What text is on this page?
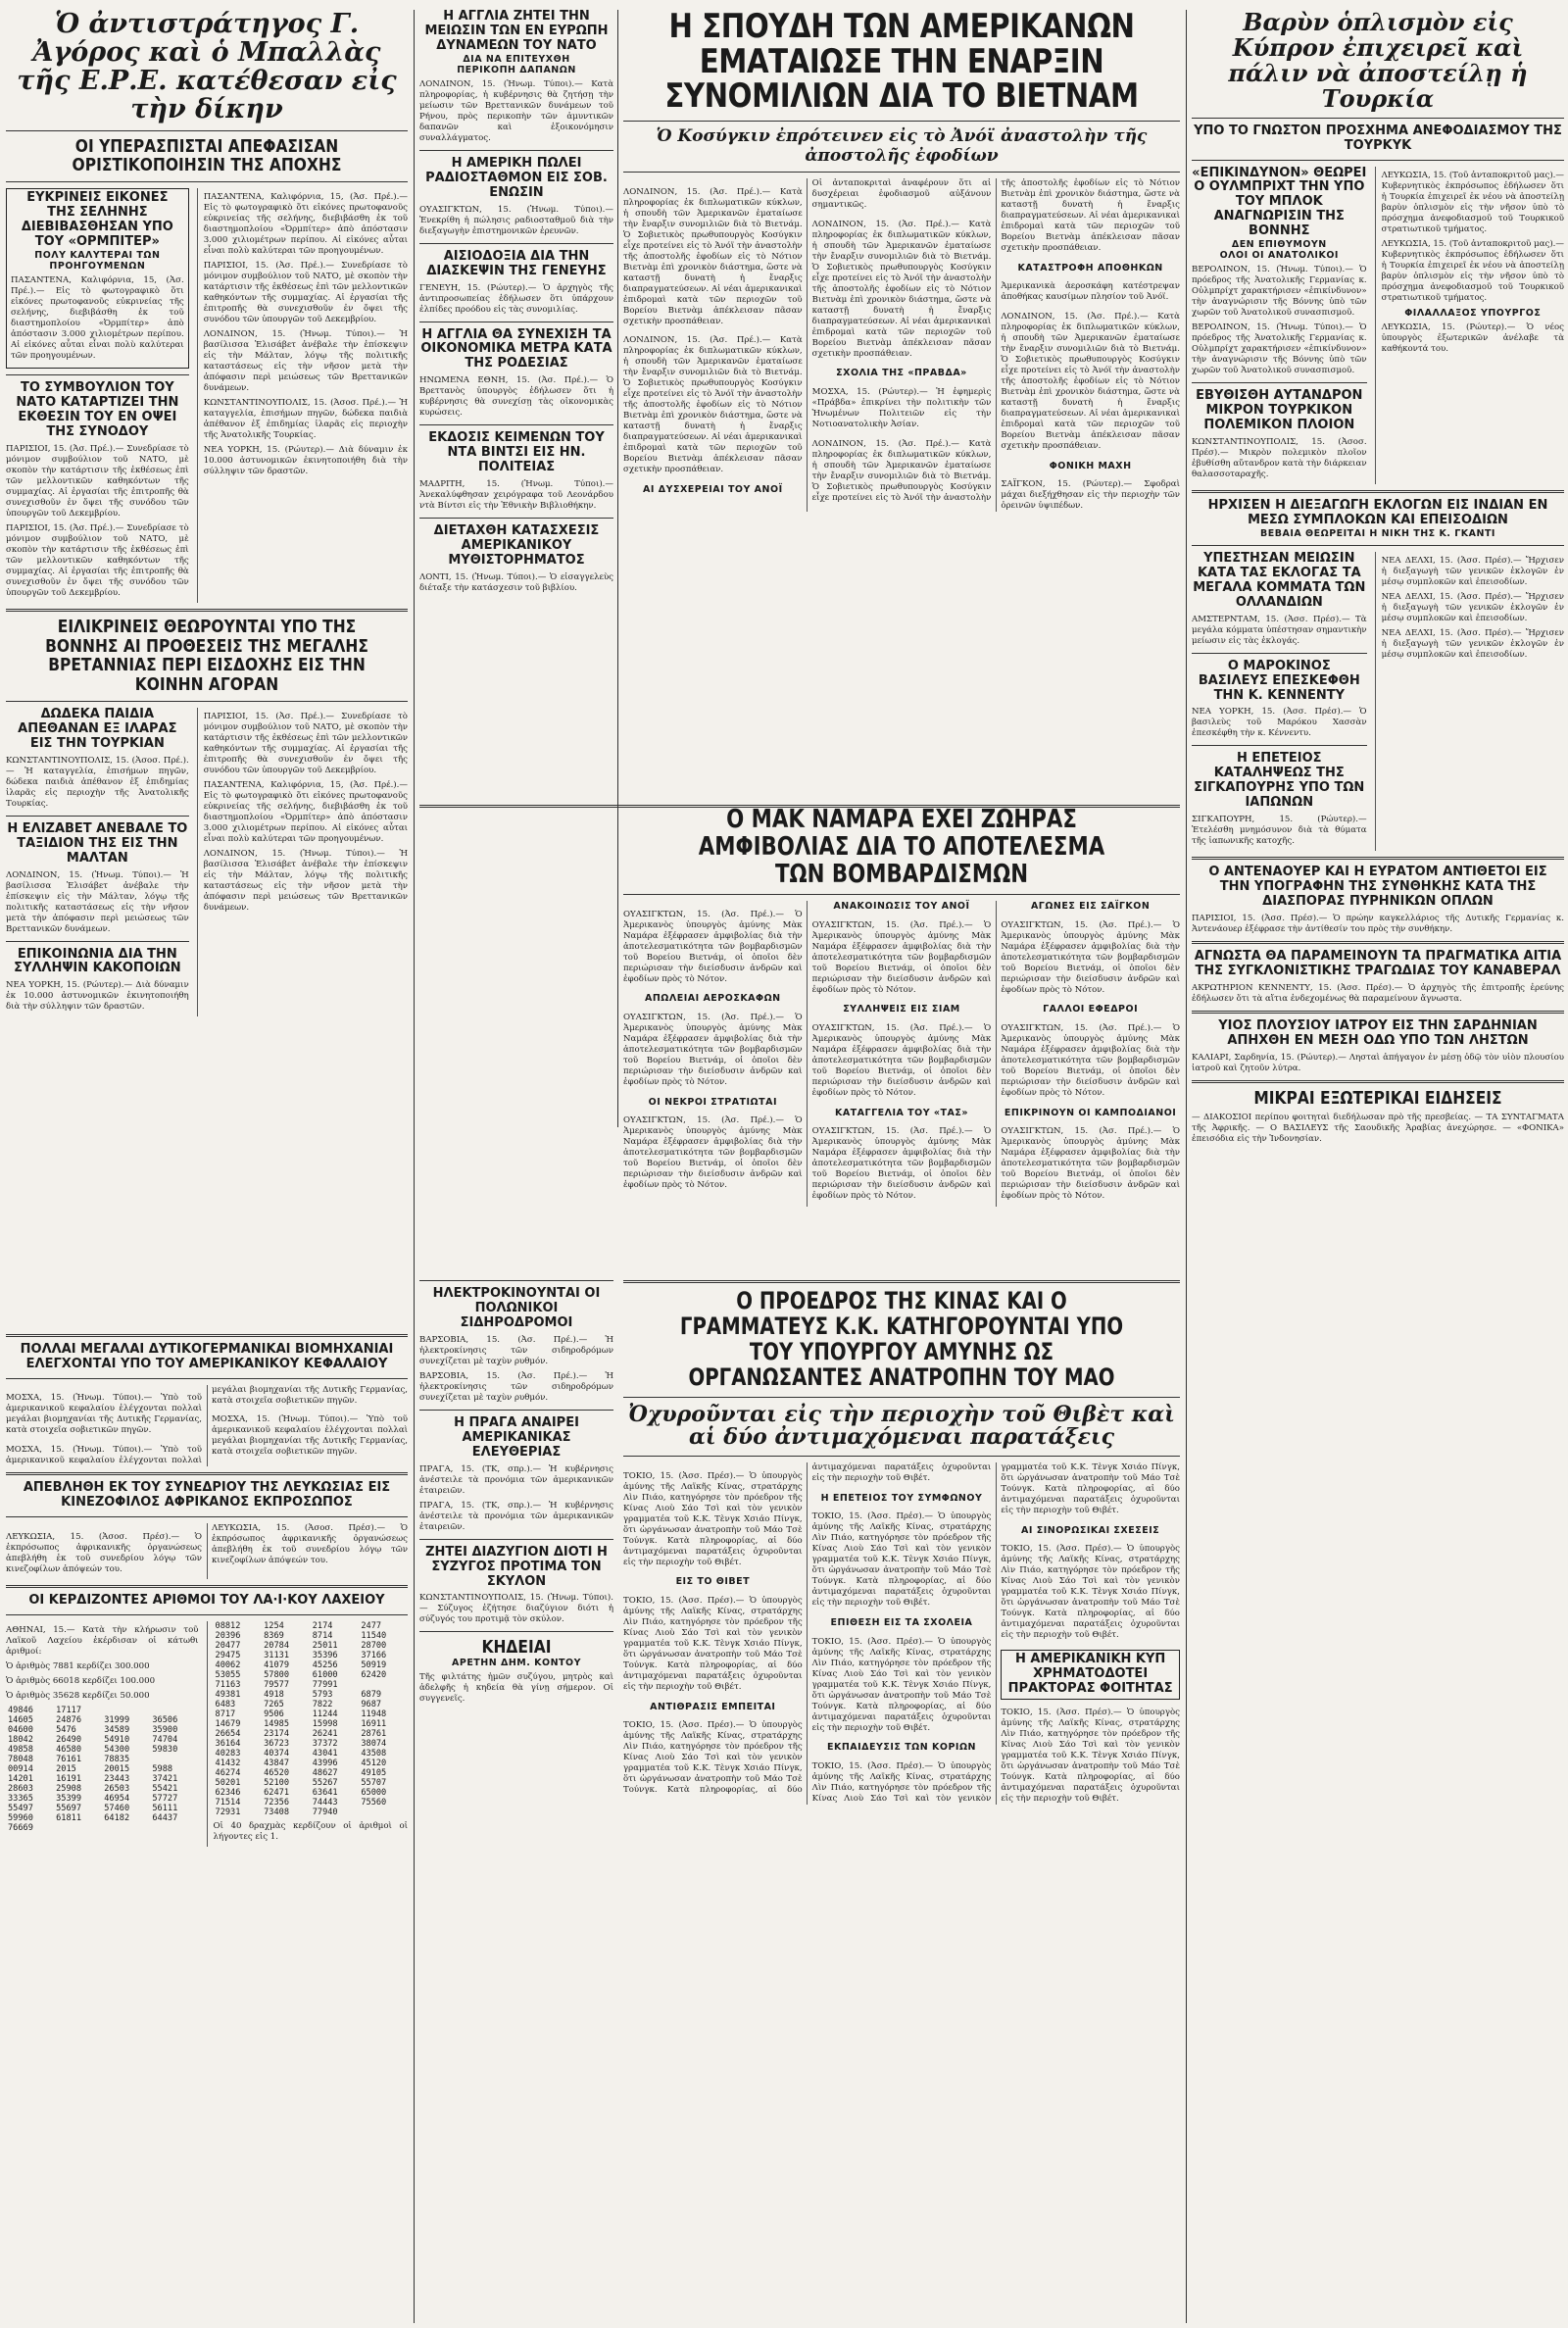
Ὁ ἀντιστράτηγος Γ. Ἀγόρος καὶ ὁ Μπαλλὰς τῆς Ε.Ρ.Ε. κατέθεσαν εἰς τὴν δίκην
ΟΙ ΥΠΕΡΑΣΠΙΣΤΑΙ ΑΠΕΦΑΣΙΣΑΝ ΟΡΙΣΤΙΚΟΠΟΙΗΣΙΝ ΤΗΣ ΑΠΟΧΗΣ
ΕΥΚΡΙΝΕΙΣ ΕΙΚΟΝΕΣ ΤΗΣ ΣΕΛΗΝΗΣ ΔΙΕΒΙΒΑΣΘΗΣΑΝ ΥΠΟ ΤΟΥ «ΟΡΜΠΙΤΕΡ»
ΠΟΛΥ ΚΑΛΥΤΕΡΑΙ ΤΩΝ ΠΡΟΗΓΟΥΜΕΝΩΝ

ΠΑΣΑΝΤΕΝΑ, Καλιφόρνια, 15, (Ἀσ. Πρέ.).— Εἰς τὸ φωτογραφικὸ ὅτι εἰκόνες πρωτοφανοῦς εὐκρινείας τῆς σελήνης, διεβιβάσθη ἐκ τοῦ διαστημοπλοίου «Ὀρμπίτερ» ἀπὸ ἀπόστασιν 3.000 χιλιομέτρων περίπου. Αἱ εἰκόνες αὗται εἶναι πολὺ καλύτεραι τῶν προηγουμένων.

ΤΟ ΣΥΜΒΟΥΛΙΟΝ ΤΟΥ ΝΑΤΟ ΚΑΤΑΡΤΙΖΕΙ ΤΗΝ ΕΚΘΕΣΙΝ ΤΟΥ ΕΝ ΟΨΕΙ ΤΗΣ ΣΥΝΟΔΟΥ

ΠΑΡΙΣΙΟΙ, 15. (Ἀσ. Πρέ.).— Συνεδρίασε τὸ μόνιμον συμβούλιον τοῦ ΝΑΤΟ, μὲ σκοπὸν τὴν κατάρτισιν τῆς ἐκθέσεως ἐπὶ τῶν μελλοντικῶν καθηκόντων τῆς συμμαχίας. Αἱ ἐργασίαι τῆς ἐπιτροπῆς θὰ συνεχισθοῦν ἐν ὄψει τῆς συνόδου τῶν ὑπουργῶν τοῦ Δεκεμβρίου.

ΠΑΡΙΣΙΟΙ, 15. (Ἀσ. Πρέ.).— Συνεδρίασε τὸ μόνιμον συμβούλιον τοῦ ΝΑΤΟ, μὲ σκοπὸν τὴν κατάρτισιν τῆς ἐκθέσεως ἐπὶ τῶν μελλοντικῶν καθηκόντων τῆς συμμαχίας. Αἱ ἐργασίαι τῆς ἐπιτροπῆς θὰ συνεχισθοῦν ἐν ὄψει τῆς συνόδου τῶν ὑπουργῶν τοῦ Δεκεμβρίου.

ΠΑΣΑΝΤΕΝΑ, Καλιφόρνια, 15, (Ἀσ. Πρέ.).— Εἰς τὸ φωτογραφικὸ ὅτι εἰκόνες πρωτοφανοῦς εὐκρινείας τῆς σελήνης, διεβιβάσθη ἐκ τοῦ διαστημοπλοίου «Ὀρμπίτερ» ἀπὸ ἀπόστασιν 3.000 χιλιομέτρων περίπου. Αἱ εἰκόνες αὗται εἶναι πολὺ καλύτεραι τῶν προηγουμένων.

ΠΑΡΙΣΙΟΙ, 15. (Ἀσ. Πρέ.).— Συνεδρίασε τὸ μόνιμον συμβούλιον τοῦ ΝΑΤΟ, μὲ σκοπὸν τὴν κατάρτισιν τῆς ἐκθέσεως ἐπὶ τῶν μελλοντικῶν καθηκόντων τῆς συμμαχίας. Αἱ ἐργασίαι τῆς ἐπιτροπῆς θὰ συνεχισθοῦν ἐν ὄψει τῆς συνόδου τῶν ὑπουργῶν τοῦ Δεκεμβρίου.

ΛΟΝΔΙΝΟΝ, 15. (Ἠνωμ. Τύποι).— Ἡ βασίλισσα Ἐλισάβετ ἀνέβαλε τὴν ἐπίσκεψιν εἰς τὴν Μάλταν, λόγῳ τῆς πολιτικῆς καταστάσεως εἰς τὴν νῆσον μετὰ τὴν ἀπόφασιν περὶ μειώσεως τῶν Βρεττανικῶν δυνάμεων.

ΚΩΝΣΤΑΝΤΙΝΟΥΠΟΛΙΣ, 15. (Ἀσοσ. Πρέ.).— Ἡ καταγγελία, ἐπισήμων πηγῶν, δώδεκα παιδιὰ ἀπέθανον ἐξ ἐπιδημίας ἱλαρᾶς εἰς περιοχὴν τῆς Ἀνατολικῆς Τουρκίας.

ΝΕΑ ΥΟΡΚΗ, 15. (Ρώυτερ).— Διὰ δύναμιν ἐκ 10.000 ἀστυνομικῶν ἐκινητοποιήθη διὰ τὴν σύλληψιν τῶν δραστῶν.

ΕΙΛΙΚΡΙΝΕΙΣ ΘΕΩΡΟΥΝΤΑΙ ΥΠΟ ΤΗΣ ΒΟΝΝΗΣ ΑΙ ΠΡΟΘΕΣΕΙΣ ΤΗΣ ΜΕΓΑΛΗΣ ΒΡΕΤΑΝΝΙΑΣ ΠΕΡΙ ΕΙΣΔΟΧΗΣ ΕΙΣ ΤΗΝ ΚΟΙΝΗΝ ΑΓΟΡΑΝ
ΔΩΔΕΚΑ ΠΑΙΔΙΑ ΑΠΕΘΑΝΑΝ ΕΞ ΙΛΑΡΑΣ ΕΙΣ ΤΗΝ ΤΟΥΡΚΙΑΝ

ΚΩΝΣΤΑΝΤΙΝΟΥΠΟΛΙΣ, 15. (Ἀσοσ. Πρέ.).— Ἡ καταγγελία, ἐπισήμων πηγῶν, δώδεκα παιδιὰ ἀπέθανον ἐξ ἐπιδημίας ἱλαρᾶς εἰς περιοχὴν τῆς Ἀνατολικῆς Τουρκίας.

Η ΕΛΙΖΑΒΕΤ ΑΝΕΒΑΛΕ ΤΟ ΤΑΞΙΔΙΟΝ ΤΗΣ ΕΙΣ ΤΗΝ ΜΑΛΤΑΝ

ΛΟΝΔΙΝΟΝ, 15. (Ἠνωμ. Τύποι).— Ἡ βασίλισσα Ἐλισάβετ ἀνέβαλε τὴν ἐπίσκεψιν εἰς τὴν Μάλταν, λόγῳ τῆς πολιτικῆς καταστάσεως εἰς τὴν νῆσον μετὰ τὴν ἀπόφασιν περὶ μειώσεως τῶν Βρεττανικῶν δυνάμεων.

ΕΠΙΚΟΙΝΩΝΙΑ ΔΙΑ ΤΗΝ ΣΥΛΛΗΨΙΝ ΚΑΚΟΠΟΙΩΝ

ΝΕΑ ΥΟΡΚΗ, 15. (Ρώυτερ).— Διὰ δύναμιν ἐκ 10.000 ἀστυνομικῶν ἐκινητοποιήθη διὰ τὴν σύλληψιν τῶν δραστῶν.

ΠΑΡΙΣΙΟΙ, 15. (Ἀσ. Πρέ.).— Συνεδρίασε τὸ μόνιμον συμβούλιον τοῦ ΝΑΤΟ, μὲ σκοπὸν τὴν κατάρτισιν τῆς ἐκθέσεως ἐπὶ τῶν μελλοντικῶν καθηκόντων τῆς συμμαχίας. Αἱ ἐργασίαι τῆς ἐπιτροπῆς θὰ συνεχισθοῦν ἐν ὄψει τῆς συνόδου τῶν ὑπουργῶν τοῦ Δεκεμβρίου.

ΠΑΣΑΝΤΕΝΑ, Καλιφόρνια, 15, (Ἀσ. Πρέ.).— Εἰς τὸ φωτογραφικὸ ὅτι εἰκόνες πρωτοφανοῦς εὐκρινείας τῆς σελήνης, διεβιβάσθη ἐκ τοῦ διαστημοπλοίου «Ὀρμπίτερ» ἀπὸ ἀπόστασιν 3.000 χιλιομέτρων περίπου. Αἱ εἰκόνες αὗται εἶναι πολὺ καλύτεραι τῶν προηγουμένων.

ΛΟΝΔΙΝΟΝ, 15. (Ἠνωμ. Τύποι).— Ἡ βασίλισσα Ἐλισάβετ ἀνέβαλε τὴν ἐπίσκεψιν εἰς τὴν Μάλταν, λόγῳ τῆς πολιτικῆς καταστάσεως εἰς τὴν νῆσον μετὰ τὴν ἀπόφασιν περὶ μειώσεως τῶν Βρεττανικῶν δυνάμεων.

Η ΑΓΓΛΙΑ ΖΗΤΕΙ ΤΗΝ ΜΕΙΩΣΙΝ ΤΩΝ ΕΝ ΕΥΡΩΠΗ ΔΥΝΑΜΕΩΝ ΤΟΥ ΝΑΤΟ
ΔΙΑ ΝΑ ΕΠΙΤΕΥΧΘΗ
ΠΕΡΙΚΟΠΗ ΔΑΠΑΝΩΝ

ΛΟΝΔΙΝΟΝ, 15. (Ἠνωμ. Τύποι).— Κατὰ πληροφορίας, ἡ κυβέρνησις θὰ ζητήσῃ τὴν μείωσιν τῶν Βρεττανικῶν δυνάμεων τοῦ Ρήνου, πρὸς περικοπὴν τῶν ἀμυντικῶν δαπανῶν καὶ ἐξοικονόμησιν συναλλάγματος.

Η ΑΜΕΡΙΚΗ ΠΩΛΕΙ ΡΑΔΙΟΣΤΑΘΜΟΝ ΕΙΣ ΣΟΒ. ΕΝΩΣΙΝ

ΟΥΑΣΙΓΚΤΩΝ, 15. (Ἠνωμ. Τύποι).— Ἐνεκρίθη ἡ πώλησις ραδιοσταθμοῦ διὰ τὴν διεξαγωγὴν ἐπιστημονικῶν ἐρευνῶν.

ΑΙΣΙΟΔΟΞΙΑ ΔΙΑ ΤΗΝ ΔΙΑΣΚΕΨΙΝ ΤΗΣ ΓΕΝΕΥΗΣ

ΓΕΝΕΥΗ, 15. (Ρώυτερ).— Ὁ ἀρχηγὸς τῆς ἀντιπροσωπείας ἐδήλωσεν ὅτι ὑπάρχουν ἐλπίδες προόδου εἰς τὰς συνομιλίας.

Η ΑΓΓΛΙΑ ΘΑ ΣΥΝΕΧΙΣΗ ΤΑ ΟΙΚΟΝΟΜΙΚΑ ΜΕΤΡΑ ΚΑΤΑ ΤΗΣ ΡΟΔΕΣΙΑΣ

ΗΝΩΜΕΝΑ ΕΘΝΗ, 15. (Ἀσ. Πρέ.).— Ὁ Βρεττανὸς ὑπουργὸς ἐδήλωσεν ὅτι ἡ κυβέρνησις θὰ συνεχίσῃ τὰς οἰκονομικὰς κυρώσεις.

ΕΚΔΟΣΙΣ ΚΕΙΜΕΝΩΝ ΤΟΥ ΝΤΑ ΒΙΝΤΣΙ ΕΙΣ ΗΝ. ΠΟΛΙΤΕΙΑΣ

ΜΑΔΡΙΤΗ, 15. (Ἠνωμ. Τύποι).— Ἀνεκαλύφθησαν χειρόγραφα τοῦ Λεονάρδου ντὰ Βίντσι εἰς τὴν Ἐθνικὴν Βιβλιοθήκην.

ΔΙΕΤΑΧΘΗ ΚΑΤΑΣΧΕΣΙΣ ΑΜΕΡΙΚΑΝΙΚΟΥ ΜΥΘΙΣΤΟΡΗΜΑΤΟΣ

ΛΟΝΤΙ, 15. (Ἠνωμ. Τύποι).— Ὁ εἰσαγγελεὺς διέταξε τὴν κατάσχεσιν τοῦ βιβλίου.

Η ΣΠΟΥΔΗ ΤΩΝ ΑΜΕΡΙΚΑΝΩΝ ΕΜΑΤΑΙΩΣΕ ΤΗΝ ΕΝΑΡΞΙΝ ΣΥΝΟΜΙΛΙΩΝ ΔΙΑ ΤΟ ΒΙΕΤΝΑΜ
Ὁ Κοσύγκιν ἐπρότεινεν εἰς τὸ Ἀνόϊ ἀναστολὴν τῆς ἀποστολῆς ἐφοδίων

ΛΟΝΔΙΝΟΝ, 15. (Ἀσ. Πρέ.).— Κατὰ πληροφορίας ἐκ διπλωματικῶν κύκλων, ἡ σπουδὴ τῶν Ἀμερικανῶν ἐματαίωσε τὴν ἔναρξιν συνομιλιῶν διὰ τὸ Βιετνάμ. Ὁ Σοβιετικὸς πρωθυπουργὸς Κοσύγκιν εἶχε προτείνει εἰς τὸ Ἀνόϊ τὴν ἀναστολὴν τῆς ἀποστολῆς ἐφοδίων εἰς τὸ Νότιον Βιετνὰμ ἐπὶ χρονικὸν διάστημα, ὥστε νὰ καταστῇ δυνατὴ ἡ ἔναρξις διαπραγματεύσεων. Αἱ νέαι ἀμερικανικαὶ ἐπιδρομαὶ κατὰ τῶν περιοχῶν τοῦ Βορείου Βιετνὰμ ἀπέκλεισαν πᾶσαν σχετικὴν προσπάθειαν.

ΛΟΝΔΙΝΟΝ, 15. (Ἀσ. Πρέ.).— Κατὰ πληροφορίας ἐκ διπλωματικῶν κύκλων, ἡ σπουδὴ τῶν Ἀμερικανῶν ἐματαίωσε τὴν ἔναρξιν συνομιλιῶν διὰ τὸ Βιετνάμ. Ὁ Σοβιετικὸς πρωθυπουργὸς Κοσύγκιν εἶχε προτείνει εἰς τὸ Ἀνόϊ τὴν ἀναστολὴν τῆς ἀποστολῆς ἐφοδίων εἰς τὸ Νότιον Βιετνὰμ ἐπὶ χρονικὸν διάστημα, ὥστε νὰ καταστῇ δυνατὴ ἡ ἔναρξις διαπραγματεύσεων. Αἱ νέαι ἀμερικανικαὶ ἐπιδρομαὶ κατὰ τῶν περιοχῶν τοῦ Βορείου Βιετνὰμ ἀπέκλεισαν πᾶσαν σχετικὴν προσπάθειαν.

ΑΙ ΔΥΣΧΕΡΕΙΑΙ ΤΟΥ ΑΝΟΪ

Οἱ ἀνταποκριταὶ ἀναφέρουν ὅτι αἱ δυσχέρειαι ἐφοδιασμοῦ αὐξάνουν σημαντικῶς.

ΛΟΝΔΙΝΟΝ, 15. (Ἀσ. Πρέ.).— Κατὰ πληροφορίας ἐκ διπλωματικῶν κύκλων, ἡ σπουδὴ τῶν Ἀμερικανῶν ἐματαίωσε τὴν ἔναρξιν συνομιλιῶν διὰ τὸ Βιετνάμ. Ὁ Σοβιετικὸς πρωθυπουργὸς Κοσύγκιν εἶχε προτείνει εἰς τὸ Ἀνόϊ τὴν ἀναστολὴν τῆς ἀποστολῆς ἐφοδίων εἰς τὸ Νότιον Βιετνὰμ ἐπὶ χρονικὸν διάστημα, ὥστε νὰ καταστῇ δυνατὴ ἡ ἔναρξις διαπραγματεύσεων. Αἱ νέαι ἀμερικανικαὶ ἐπιδρομαὶ κατὰ τῶν περιοχῶν τοῦ Βορείου Βιετνὰμ ἀπέκλεισαν πᾶσαν σχετικὴν προσπάθειαν.

ΣΧΟΛΙΑ ΤΗΣ «ΠΡΑΒΔΑ»

ΜΟΣΧΑ, 15. (Ρώυτερ).— Ἡ ἐφημερὶς «Πράβδα» ἐπικρίνει τὴν πολιτικὴν τῶν Ἡνωμένων Πολιτειῶν εἰς τὴν Νοτιοανατολικὴν Ἀσίαν.

ΛΟΝΔΙΝΟΝ, 15. (Ἀσ. Πρέ.).— Κατὰ πληροφορίας ἐκ διπλωματικῶν κύκλων, ἡ σπουδὴ τῶν Ἀμερικανῶν ἐματαίωσε τὴν ἔναρξιν συνομιλιῶν διὰ τὸ Βιετνάμ. Ὁ Σοβιετικὸς πρωθυπουργὸς Κοσύγκιν εἶχε προτείνει εἰς τὸ Ἀνόϊ τὴν ἀναστολὴν τῆς ἀποστολῆς ἐφοδίων εἰς τὸ Νότιον Βιετνὰμ ἐπὶ χρονικὸν διάστημα, ὥστε νὰ καταστῇ δυνατὴ ἡ ἔναρξις διαπραγματεύσεων. Αἱ νέαι ἀμερικανικαὶ ἐπιδρομαὶ κατὰ τῶν περιοχῶν τοῦ Βορείου Βιετνὰμ ἀπέκλεισαν πᾶσαν σχετικὴν προσπάθειαν.

ΚΑΤΑΣΤΡΟΦΗ ΑΠΟΘΗΚΩΝ

Ἀμερικανικὰ ἀεροσκάφη κατέστρεψαν ἀποθήκας καυσίμων πλησίον τοῦ Ἀνόϊ.

ΛΟΝΔΙΝΟΝ, 15. (Ἀσ. Πρέ.).— Κατὰ πληροφορίας ἐκ διπλωματικῶν κύκλων, ἡ σπουδὴ τῶν Ἀμερικανῶν ἐματαίωσε τὴν ἔναρξιν συνομιλιῶν διὰ τὸ Βιετνάμ. Ὁ Σοβιετικὸς πρωθυπουργὸς Κοσύγκιν εἶχε προτείνει εἰς τὸ Ἀνόϊ τὴν ἀναστολὴν τῆς ἀποστολῆς ἐφοδίων εἰς τὸ Νότιον Βιετνὰμ ἐπὶ χρονικὸν διάστημα, ὥστε νὰ καταστῇ δυνατὴ ἡ ἔναρξις διαπραγματεύσεων. Αἱ νέαι ἀμερικανικαὶ ἐπιδρομαὶ κατὰ τῶν περιοχῶν τοῦ Βορείου Βιετνὰμ ἀπέκλεισαν πᾶσαν σχετικὴν προσπάθειαν.

ΦΟΝΙΚΗ ΜΑΧΗ

ΣΑΪΓΚΟΝ, 15. (Ρώυτερ).— Σφοδραὶ μάχαι διεξήχθησαν εἰς τὴν περιοχὴν τῶν ὀρεινῶν ὑψιπέδων.

Ο ΜΑΚ ΝΑΜΑΡΑ ΕΧΕΙ ΖΩΗΡΑΣ ΑΜΦΙΒΟΛΙΑΣ ΔΙΑ ΤΟ ΑΠΟΤΕΛΕΣΜΑ ΤΩΝ ΒΟΜΒΑΡΔΙΣΜΩΝ

ΟΥΑΣΙΓΚΤΩΝ, 15. (Ἀσ. Πρέ.).— Ὁ Ἀμερικανὸς ὑπουργὸς ἀμύνης Μὰκ Ναμάρα ἐξέφρασεν ἀμφιβολίας διὰ τὴν ἀποτελεσματικότητα τῶν βομβαρδισμῶν τοῦ Βορείου Βιετνάμ, οἱ ὁποῖοι δὲν περιώρισαν τὴν διείσδυσιν ἀνδρῶν καὶ ἐφοδίων πρὸς τὸ Νότον.

ΑΠΩΛΕΙΑΙ ΑΕΡΟΣΚΑΦΩΝ

ΟΥΑΣΙΓΚΤΩΝ, 15. (Ἀσ. Πρέ.).— Ὁ Ἀμερικανὸς ὑπουργὸς ἀμύνης Μὰκ Ναμάρα ἐξέφρασεν ἀμφιβολίας διὰ τὴν ἀποτελεσματικότητα τῶν βομβαρδισμῶν τοῦ Βορείου Βιετνάμ, οἱ ὁποῖοι δὲν περιώρισαν τὴν διείσδυσιν ἀνδρῶν καὶ ἐφοδίων πρὸς τὸ Νότον.

ΟΙ ΝΕΚΡΟΙ ΣΤΡΑΤΙΩΤΑΙ

ΟΥΑΣΙΓΚΤΩΝ, 15. (Ἀσ. Πρέ.).— Ὁ Ἀμερικανὸς ὑπουργὸς ἀμύνης Μὰκ Ναμάρα ἐξέφρασεν ἀμφιβολίας διὰ τὴν ἀποτελεσματικότητα τῶν βομβαρδισμῶν τοῦ Βορείου Βιετνάμ, οἱ ὁποῖοι δὲν περιώρισαν τὴν διείσδυσιν ἀνδρῶν καὶ ἐφοδίων πρὸς τὸ Νότον.

ΑΝΑΚΟΙΝΩΣΙΣ ΤΟΥ ΑΝΟΪ

ΟΥΑΣΙΓΚΤΩΝ, 15. (Ἀσ. Πρέ.).— Ὁ Ἀμερικανὸς ὑπουργὸς ἀμύνης Μὰκ Ναμάρα ἐξέφρασεν ἀμφιβολίας διὰ τὴν ἀποτελεσματικότητα τῶν βομβαρδισμῶν τοῦ Βορείου Βιετνάμ, οἱ ὁποῖοι δὲν περιώρισαν τὴν διείσδυσιν ἀνδρῶν καὶ ἐφοδίων πρὸς τὸ Νότον.

ΣΥΛΛΗΨΕΙΣ ΕΙΣ ΣΙΑΜ

ΟΥΑΣΙΓΚΤΩΝ, 15. (Ἀσ. Πρέ.).— Ὁ Ἀμερικανὸς ὑπουργὸς ἀμύνης Μὰκ Ναμάρα ἐξέφρασεν ἀμφιβολίας διὰ τὴν ἀποτελεσματικότητα τῶν βομβαρδισμῶν τοῦ Βορείου Βιετνάμ, οἱ ὁποῖοι δὲν περιώρισαν τὴν διείσδυσιν ἀνδρῶν καὶ ἐφοδίων πρὸς τὸ Νότον.

ΚΑΤΑΓΓΕΛΙΑ ΤΟΥ «ΤΑΣ»

ΟΥΑΣΙΓΚΤΩΝ, 15. (Ἀσ. Πρέ.).— Ὁ Ἀμερικανὸς ὑπουργὸς ἀμύνης Μὰκ Ναμάρα ἐξέφρασεν ἀμφιβολίας διὰ τὴν ἀποτελεσματικότητα τῶν βομβαρδισμῶν τοῦ Βορείου Βιετνάμ, οἱ ὁποῖοι δὲν περιώρισαν τὴν διείσδυσιν ἀνδρῶν καὶ ἐφοδίων πρὸς τὸ Νότον.

ΑΓΩΝΕΣ ΕΙΣ ΣΑΪΓΚΟΝ

ΟΥΑΣΙΓΚΤΩΝ, 15. (Ἀσ. Πρέ.).— Ὁ Ἀμερικανὸς ὑπουργὸς ἀμύνης Μὰκ Ναμάρα ἐξέφρασεν ἀμφιβολίας διὰ τὴν ἀποτελεσματικότητα τῶν βομβαρδισμῶν τοῦ Βορείου Βιετνάμ, οἱ ὁποῖοι δὲν περιώρισαν τὴν διείσδυσιν ἀνδρῶν καὶ ἐφοδίων πρὸς τὸ Νότον.

ΓΑΛΛΟΙ ΕΦΕΔΡΟΙ

ΟΥΑΣΙΓΚΤΩΝ, 15. (Ἀσ. Πρέ.).— Ὁ Ἀμερικανὸς ὑπουργὸς ἀμύνης Μὰκ Ναμάρα ἐξέφρασεν ἀμφιβολίας διὰ τὴν ἀποτελεσματικότητα τῶν βομβαρδισμῶν τοῦ Βορείου Βιετνάμ, οἱ ὁποῖοι δὲν περιώρισαν τὴν διείσδυσιν ἀνδρῶν καὶ ἐφοδίων πρὸς τὸ Νότον.

ΕΠΙΚΡΙΝΟΥΝ ΟΙ ΚΑΜΠΟΔΙΑΝΟΙ

ΟΥΑΣΙΓΚΤΩΝ, 15. (Ἀσ. Πρέ.).— Ὁ Ἀμερικανὸς ὑπουργὸς ἀμύνης Μὰκ Ναμάρα ἐξέφρασεν ἀμφιβολίας διὰ τὴν ἀποτελεσματικότητα τῶν βομβαρδισμῶν τοῦ Βορείου Βιετνάμ, οἱ ὁποῖοι δὲν περιώρισαν τὴν διείσδυσιν ἀνδρῶν καὶ ἐφοδίων πρὸς τὸ Νότον.

ΗΛΕΚΤΡΟΚΙΝΟΥΝΤΑΙ ΟΙ ΠΟΛΩΝΙΚΟΙ ΣΙΔΗΡΟΔΡΟΜΟΙ

ΒΑΡΣΟΒΙΑ, 15. (Ἀσ. Πρέ.).— Ἡ ἠλεκτροκίνησις τῶν σιδηροδρόμων συνεχίζεται μὲ ταχὺν ρυθμόν.

ΒΑΡΣΟΒΙΑ, 15. (Ἀσ. Πρέ.).— Ἡ ἠλεκτροκίνησις τῶν σιδηροδρόμων συνεχίζεται μὲ ταχὺν ρυθμόν.

Η ΠΡΑΓΑ ΑΝΑΙΡΕΙ ΑΜΕΡΙΚΑΝΙΚΑΣ ΕΛΕΥΘΕΡΙΑΣ

ΠΡΑΓΑ, 15. (ΤΚ, σπρ.).— Ἡ κυβέρνησις ἀνέστειλε τὰ προνόμια τῶν ἀμερικανικῶν ἐταιρειῶν.

ΠΡΑΓΑ, 15. (ΤΚ, σπρ.).— Ἡ κυβέρνησις ἀνέστειλε τὰ προνόμια τῶν ἀμερικανικῶν ἐταιρειῶν.

ΖΗΤΕΙ ΔΙΑΖΥΓΙΟΝ ΔΙΟΤΙ Η ΣΥΖΥΓΟΣ ΠΡΟΤΙΜΑ ΤΟΝ ΣΚΥΛΟΝ

ΚΩΝΣΤΑΝΤΙΝΟΥΠΟΛΙΣ, 15. (Ἠνωμ. Τύποι).— Σύζυγος ἐζήτησε διαζύγιον διότι ἡ σύζυγός του προτιμᾷ τὸν σκύλον.

ΚΗΔΕΙΑΙ
ΑΡΕΤΗΝ ΔΗΜ. ΚΟΝΤΟΥ

Τῆς φιλτάτης ἡμῶν συζύγου, μητρὸς καὶ ἀδελφῆς ἡ κηδεία θὰ γίνῃ σήμερον. Οἱ συγγενεῖς.

Ο ΠΡΟΕΔΡΟΣ ΤΗΣ ΚΙΝΑΣ ΚΑΙ Ο ΓΡΑΜΜΑΤΕΥΣ Κ.Κ. ΚΑΤΗΓΟΡΟΥΝΤΑΙ ΥΠΟ ΤΟΥ ΥΠΟΥΡΓΟΥ ΑΜΥΝΗΣ ΩΣ ΟΡΓΑΝΩΣΑΝΤΕΣ ΑΝΑΤΡΟΠΗΝ ΤΟΥ ΜΑΟ
Ὀχυροῦνται εἰς τὴν περιοχὴν τοῦ Θιβὲτ καὶ αἱ δύο ἀντιμαχόμεναι παρατάξεις

ΤΟΚΙΟ, 15. (Ἀσσ. Πρέσ).— Ὁ ὑπουργὸς ἀμύνης τῆς Λαϊκῆς Κίνας, στρατάρχης Λὶν Πιάο, κατηγόρησε τὸν πρόεδρον τῆς Κίνας Λιοὺ Σάο Τσὶ καὶ τὸν γενικὸν γραμματέα τοῦ Κ.Κ. Τὲνγκ Χσιάο Πίνγκ, ὅτι ὠργάνωσαν ἀνατροπὴν τοῦ Μάο Τσὲ Τούνγκ. Κατὰ πληροφορίας, αἱ δύο ἀντιμαχόμεναι παρατάξεις ὀχυροῦνται εἰς τὴν περιοχὴν τοῦ Θιβέτ.

ΕΙΣ ΤΟ ΘΙΒΕΤ

ΤΟΚΙΟ, 15. (Ἀσσ. Πρέσ).— Ὁ ὑπουργὸς ἀμύνης τῆς Λαϊκῆς Κίνας, στρατάρχης Λὶν Πιάο, κατηγόρησε τὸν πρόεδρον τῆς Κίνας Λιοὺ Σάο Τσὶ καὶ τὸν γενικὸν γραμματέα τοῦ Κ.Κ. Τὲνγκ Χσιάο Πίνγκ, ὅτι ὠργάνωσαν ἀνατροπὴν τοῦ Μάο Τσὲ Τούνγκ. Κατὰ πληροφορίας, αἱ δύο ἀντιμαχόμεναι παρατάξεις ὀχυροῦνται εἰς τὴν περιοχὴν τοῦ Θιβέτ.

ΑΝΤΙΘΡΑΣΙΣ ΕΜΠΕΙΤΑΙ

ΤΟΚΙΟ, 15. (Ἀσσ. Πρέσ).— Ὁ ὑπουργὸς ἀμύνης τῆς Λαϊκῆς Κίνας, στρατάρχης Λὶν Πιάο, κατηγόρησε τὸν πρόεδρον τῆς Κίνας Λιοὺ Σάο Τσὶ καὶ τὸν γενικὸν γραμματέα τοῦ Κ.Κ. Τὲνγκ Χσιάο Πίνγκ, ὅτι ὠργάνωσαν ἀνατροπὴν τοῦ Μάο Τσὲ Τούνγκ. Κατὰ πληροφορίας, αἱ δύο ἀντιμαχόμεναι παρατάξεις ὀχυροῦνται εἰς τὴν περιοχὴν τοῦ Θιβέτ.

Η ΕΠΕΤΕΙΟΣ ΤΟΥ ΣΥΜΦΩΝΟΥ

ΤΟΚΙΟ, 15. (Ἀσσ. Πρέσ).— Ὁ ὑπουργὸς ἀμύνης τῆς Λαϊκῆς Κίνας, στρατάρχης Λὶν Πιάο, κατηγόρησε τὸν πρόεδρον τῆς Κίνας Λιοὺ Σάο Τσὶ καὶ τὸν γενικὸν γραμματέα τοῦ Κ.Κ. Τὲνγκ Χσιάο Πίνγκ, ὅτι ὠργάνωσαν ἀνατροπὴν τοῦ Μάο Τσὲ Τούνγκ. Κατὰ πληροφορίας, αἱ δύο ἀντιμαχόμεναι παρατάξεις ὀχυροῦνται εἰς τὴν περιοχὴν τοῦ Θιβέτ.

ΕΠΙΘΕΣΗ ΕΙΣ ΤΑ ΣΧΟΛΕΙΑ

ΤΟΚΙΟ, 15. (Ἀσσ. Πρέσ).— Ὁ ὑπουργὸς ἀμύνης τῆς Λαϊκῆς Κίνας, στρατάρχης Λὶν Πιάο, κατηγόρησε τὸν πρόεδρον τῆς Κίνας Λιοὺ Σάο Τσὶ καὶ τὸν γενικὸν γραμματέα τοῦ Κ.Κ. Τὲνγκ Χσιάο Πίνγκ, ὅτι ὠργάνωσαν ἀνατροπὴν τοῦ Μάο Τσὲ Τούνγκ. Κατὰ πληροφορίας, αἱ δύο ἀντιμαχόμεναι παρατάξεις ὀχυροῦνται εἰς τὴν περιοχὴν τοῦ Θιβέτ.

ΕΚΠΑΙΔΕΥΣΙΣ ΤΩΝ ΚΟΡΙΩΝ

ΤΟΚΙΟ, 15. (Ἀσσ. Πρέσ).— Ὁ ὑπουργὸς ἀμύνης τῆς Λαϊκῆς Κίνας, στρατάρχης Λὶν Πιάο, κατηγόρησε τὸν πρόεδρον τῆς Κίνας Λιοὺ Σάο Τσὶ καὶ τὸν γενικὸν γραμματέα τοῦ Κ.Κ. Τὲνγκ Χσιάο Πίνγκ, ὅτι ὠργάνωσαν ἀνατροπὴν τοῦ Μάο Τσὲ Τούνγκ. Κατὰ πληροφορίας, αἱ δύο ἀντιμαχόμεναι παρατάξεις ὀχυροῦνται εἰς τὴν περιοχὴν τοῦ Θιβέτ.

ΑΙ ΣΙΝΟΡΩΣΙΚΑΙ ΣΧΕΣΕΙΣ

ΤΟΚΙΟ, 15. (Ἀσσ. Πρέσ).— Ὁ ὑπουργὸς ἀμύνης τῆς Λαϊκῆς Κίνας, στρατάρχης Λὶν Πιάο, κατηγόρησε τὸν πρόεδρον τῆς Κίνας Λιοὺ Σάο Τσὶ καὶ τὸν γενικὸν γραμματέα τοῦ Κ.Κ. Τὲνγκ Χσιάο Πίνγκ, ὅτι ὠργάνωσαν ἀνατροπὴν τοῦ Μάο Τσὲ Τούνγκ. Κατὰ πληροφορίας, αἱ δύο ἀντιμαχόμεναι παρατάξεις ὀχυροῦνται εἰς τὴν περιοχὴν τοῦ Θιβέτ.

Η ΑΜΕΡΙΚΑΝΙΚΗ ΚΥΠ ΧΡΗΜΑΤΟΔΟΤΕΙ ΠΡΑΚΤΟΡΑΣ ΦΟΙΤΗΤΑΣ

ΤΟΚΙΟ, 15. (Ἀσσ. Πρέσ).— Ὁ ὑπουργὸς ἀμύνης τῆς Λαϊκῆς Κίνας, στρατάρχης Λὶν Πιάο, κατηγόρησε τὸν πρόεδρον τῆς Κίνας Λιοὺ Σάο Τσὶ καὶ τὸν γενικὸν γραμματέα τοῦ Κ.Κ. Τὲνγκ Χσιάο Πίνγκ, ὅτι ὠργάνωσαν ἀνατροπὴν τοῦ Μάο Τσὲ Τούνγκ. Κατὰ πληροφορίας, αἱ δύο ἀντιμαχόμεναι παρατάξεις ὀχυροῦνται εἰς τὴν περιοχὴν τοῦ Θιβέτ.

Βαρὺν ὁπλισμὸν εἰς Κύπρον ἐπιχειρεῖ καὶ πάλιν νὰ ἀποστείλῃ ἡ Τουρκία
ΥΠΟ ΤΟ ΓΝΩΣΤΟΝ ΠΡΟΣΧΗΜΑ ΑΝΕΦΟΔΙΑΣΜΟΥ ΤΗΣ ΤΟΥΡΚΥΚ
«ΕΠΙΚΙΝΔΥΝΟΝ» ΘΕΩΡΕΙ Ο ΟΥΛΜΠΡΙΧΤ ΤΗΝ ΥΠΟ ΤΟΥ ΜΠΛΟΚ ΑΝΑΓΝΩΡΙΣΙΝ ΤΗΣ ΒΟΝΝΗΣ
ΔΕΝ ΕΠΙΘΥΜΟΥΝ
ΟΛΟΙ ΟΙ ΑΝΑΤΟΛΙΚΟΙ

ΒΕΡΟΛΙΝΟΝ, 15. (Ἠνωμ. Τύποι).— Ὁ πρόεδρος τῆς Ἀνατολικῆς Γερμανίας κ. Οὐλμπρίχτ χαρακτήρισεν «ἐπικίνδυνον» τὴν ἀναγνώρισιν τῆς Βόννης ὑπὸ τῶν χωρῶν τοῦ Ἀνατολικοῦ συνασπισμοῦ.

ΒΕΡΟΛΙΝΟΝ, 15. (Ἠνωμ. Τύποι).— Ὁ πρόεδρος τῆς Ἀνατολικῆς Γερμανίας κ. Οὐλμπρίχτ χαρακτήρισεν «ἐπικίνδυνον» τὴν ἀναγνώρισιν τῆς Βόννης ὑπὸ τῶν χωρῶν τοῦ Ἀνατολικοῦ συνασπισμοῦ.

ΕΒΥΘΙΣΘΗ ΑΥΤΑΝΔΡΟΝ ΜΙΚΡΟΝ ΤΟΥΡΚΙΚΟΝ ΠΟΛΕΜΙΚΟΝ ΠΛΟΙΟΝ

ΚΩΝΣΤΑΝΤΙΝΟΥΠΟΛΙΣ, 15. (Ἀσοσ. Πρέσ).— Μικρὸν πολεμικὸν πλοῖον ἐβυθίσθη αὔτανδρον κατὰ τὴν διάρκειαν θαλασσοταραχῆς.

ΛΕΥΚΩΣΙΑ, 15. (Τοῦ ἀνταποκριτοῦ μας).— Κυβερνητικὸς ἐκπρόσωπος ἐδήλωσεν ὅτι ἡ Τουρκία ἐπιχειρεῖ ἐκ νέου νὰ ἀποστείλῃ βαρὺν ὁπλισμὸν εἰς τὴν νῆσον ὑπὸ τὸ πρόσχημα ἀνεφοδιασμοῦ τοῦ Τουρκικοῦ στρατιωτικοῦ τμήματος.

ΛΕΥΚΩΣΙΑ, 15. (Τοῦ ἀνταποκριτοῦ μας).— Κυβερνητικὸς ἐκπρόσωπος ἐδήλωσεν ὅτι ἡ Τουρκία ἐπιχειρεῖ ἐκ νέου νὰ ἀποστείλῃ βαρὺν ὁπλισμὸν εἰς τὴν νῆσον ὑπὸ τὸ πρόσχημα ἀνεφοδιασμοῦ τοῦ Τουρκικοῦ στρατιωτικοῦ τμήματος.

ΦΙΛΑΛΛΑΞΟΣ ΥΠΟΥΡΓΟΣ

ΛΕΥΚΩΣΙΑ, 15. (Ρώυτερ).— Ὁ νέος ὑπουργὸς ἐξωτερικῶν ἀνέλαβε τὰ καθήκοντά του.

ΗΡΧΙΣΕΝ Η ΔΙΕΞΑΓΩΓΗ ΕΚΛΟΓΩΝ ΕΙΣ ΙΝΔΙΑΝ ΕΝ ΜΕΣΩ ΣΥΜΠΛΟΚΩΝ ΚΑΙ ΕΠΕΙΣΟΔΙΩΝ
ΒΕΒΑΙΑ ΘΕΩΡΕΙΤΑΙ Η ΝΙΚΗ ΤΗΣ Κ. ΓΚΑΝΤΙ
ΥΠΕΣΤΗΣΑΝ ΜΕΙΩΣΙΝ ΚΑΤΑ ΤΑΣ ΕΚΛΟΓΑΣ ΤΑ ΜΕΓΑΛΑ ΚΟΜΜΑΤΑ ΤΩΝ ΟΛΛΑΝΔΙΩΝ

ΑΜΣΤΕΡΝΤΑΜ, 15. (Ἀσσ. Πρέσ).— Τὰ μεγάλα κόμματα ὑπέστησαν σημαντικὴν μείωσιν εἰς τὰς ἐκλογάς.

Ο ΜΑΡΟΚΙΝΟΣ ΒΑΣΙΛΕΥΣ ΕΠΕΣΚΕΦΘΗ ΤΗΝ Κ. ΚΕΝΝΕΝΤΥ

ΝΕΑ ΥΟΡΚΗ, 15. (Ἀσσ. Πρέσ).— Ὁ βασιλεὺς τοῦ Μαρόκου Χασσὰν ἐπεσκέφθη τὴν κ. Κέννεντυ.

Η ΕΠΕΤΕΙΟΣ ΚΑΤΑΛΗΨΕΩΣ ΤΗΣ ΣΙΓΚΑΠΟΥΡΗΣ ΥΠΟ ΤΩΝ ΙΑΠΩΝΩΝ

ΣΙΓΚΑΠΟΥΡΗ, 15. (Ρώυτερ).— Ἐτελέσθη μνημόσυνον διὰ τὰ θύματα τῆς ἰαπωνικῆς κατοχῆς.

ΝΕΑ ΔΕΛΧΙ, 15. (Ἀσσ. Πρέσ).— Ἤρχισεν ἡ διεξαγωγὴ τῶν γενικῶν ἐκλογῶν ἐν μέσῳ συμπλοκῶν καὶ ἐπεισοδίων.

ΝΕΑ ΔΕΛΧΙ, 15. (Ἀσσ. Πρέσ).— Ἤρχισεν ἡ διεξαγωγὴ τῶν γενικῶν ἐκλογῶν ἐν μέσῳ συμπλοκῶν καὶ ἐπεισοδίων.

ΝΕΑ ΔΕΛΧΙ, 15. (Ἀσσ. Πρέσ).— Ἤρχισεν ἡ διεξαγωγὴ τῶν γενικῶν ἐκλογῶν ἐν μέσῳ συμπλοκῶν καὶ ἐπεισοδίων.

Ο ΑΝΤΕΝΑΟΥΕΡ ΚΑΙ Η ΕΥΡΑΤΟΜ ΑΝΤΙΘΕΤΟΙ ΕΙΣ ΤΗΝ ΥΠΟΓΡΑΦΗΝ ΤΗΣ ΣΥΝΘΗΚΗΣ ΚΑΤΑ ΤΗΣ ΔΙΑΣΠΟΡΑΣ ΠΥΡΗΝΙΚΩΝ ΟΠΛΩΝ

ΠΑΡΙΣΙΟΙ, 15. (Ἀσσ. Πρέσ).— Ὁ πρώην καγκελλάριος τῆς Δυτικῆς Γερμανίας κ. Ἀντενάουερ ἐξέφρασε τὴν ἀντίθεσίν του πρὸς τὴν συνθήκην.

ΑΓΝΩΣΤΑ ΘΑ ΠΑΡΑΜΕΙΝΟΥΝ ΤΑ ΠΡΑΓΜΑΤΙΚΑ ΑΙΤΙΑ ΤΗΣ ΣΥΓΚΛΟΝΙΣΤΙΚΗΣ ΤΡΑΓΩΔΙΑΣ ΤΟΥ ΚΑΝΑΒΕΡΑΛ

ΑΚΡΩΤΗΡΙΟΝ ΚΕΝΝΕΝΤΥ, 15. (Ἀσσ. Πρέσ).— Ὁ ἀρχηγὸς τῆς ἐπιτροπῆς ἐρεύνης ἐδήλωσεν ὅτι τὰ αἴτια ἐνδεχομένως θὰ παραμείνουν ἄγνωστα.

ΥΙΟΣ ΠΛΟΥΣΙΟΥ ΙΑΤΡΟΥ ΕΙΣ ΤΗΝ ΣΑΡΔΗΝΙΑΝ ΑΠΗΧΘΗ ΕΝ ΜΕΣΗ ΟΔΩ ΥΠΟ ΤΩΝ ΛΗΣΤΩΝ

ΚΑΛΙΑΡΙ, Σαρδηνία, 15. (Ρώυτερ).— Λησταὶ ἀπήγαγον ἐν μέσῃ ὁδῷ τὸν υἱὸν πλουσίου ἰατροῦ καὶ ζητοῦν λύτρα.

ΜΙΚΡΑΙ ΕΞΩΤΕΡΙΚΑΙ ΕΙΔΗΣΕΙΣ

— ΔΙΑΚΟΣΙΟΙ περίπου φοιτηταὶ διεδήλωσαν πρὸ τῆς πρεσβείας. — ΤΑ ΣΥΝΤΑΓΜΑΤΑ τῆς Ἀφρικῆς. — Ο ΒΑΣΙΛΕΥΣ τῆς Σαουδικῆς Ἀραβίας ἀνεχώρησε. — «ΦΟΝΙΚΑ» ἐπεισόδια εἰς τὴν Ἰνδονησίαν.

ΠΟΛΛΑΙ ΜΕΓΑΛΑΙ ΔΥΤΙΚΟΓΕΡΜΑΝΙΚΑΙ ΒΙΟΜΗΧΑΝΙΑΙ ΕΛΕΓΧΟΝΤΑΙ ΥΠΟ ΤΟΥ ΑΜΕΡΙΚΑΝΙΚΟΥ ΚΕΦΑΛΑΙΟΥ

ΜΟΣΧΑ, 15. (Ἠνωμ. Τύποι).— Ὑπὸ τοῦ ἀμερικανικοῦ κεφαλαίου ἐλέγχονται πολλαὶ μεγάλαι βιομηχανίαι τῆς Δυτικῆς Γερμανίας, κατὰ στοιχεῖα σοβιετικῶν πηγῶν.

ΜΟΣΧΑ, 15. (Ἠνωμ. Τύποι).— Ὑπὸ τοῦ ἀμερικανικοῦ κεφαλαίου ἐλέγχονται πολλαὶ μεγάλαι βιομηχανίαι τῆς Δυτικῆς Γερμανίας, κατὰ στοιχεῖα σοβιετικῶν πηγῶν.

ΜΟΣΧΑ, 15. (Ἠνωμ. Τύποι).— Ὑπὸ τοῦ ἀμερικανικοῦ κεφαλαίου ἐλέγχονται πολλαὶ μεγάλαι βιομηχανίαι τῆς Δυτικῆς Γερμανίας, κατὰ στοιχεῖα σοβιετικῶν πηγῶν.

ΑΠΕΒΛΗΘΗ ΕΚ ΤΟΥ ΣΥΝΕΔΡΙΟΥ ΤΗΣ ΛΕΥΚΩΣΙΑΣ ΕΙΣ ΚΙΝΕΖΟΦΙΛΟΣ ΑΦΡΙΚΑΝΟΣ ΕΚΠΡΟΣΩΠΟΣ

ΛΕΥΚΩΣΙΑ, 15. (Ἀσοσ. Πρέσ).— Ὁ ἐκπρόσωπος ἀφρικανικῆς ὀργανώσεως ἀπεβλήθη ἐκ τοῦ συνεδρίου λόγῳ τῶν κινεζοφίλων ἀπόψεών του.

ΛΕΥΚΩΣΙΑ, 15. (Ἀσοσ. Πρέσ).— Ὁ ἐκπρόσωπος ἀφρικανικῆς ὀργανώσεως ἀπεβλήθη ἐκ τοῦ συνεδρίου λόγῳ τῶν κινεζοφίλων ἀπόψεών του.

ΟΙ ΚΕΡΔΙΖΟΝΤΕΣ ΑΡΙΘΜΟΙ ΤΟΥ ΛΑ·Ι·ΚΟΥ ΛΑΧΕΙΟΥ

ΑΘΗΝΑΙ, 15.— Κατὰ τὴν κλήρωσιν τοῦ Λαϊκοῦ Λαχείου ἐκέρδισαν οἱ κάτωθι ἀριθμοί:

Ὁ ἀριθμὸς 7881 κερδίζει 300.000

Ὁ ἀριθμὸς 66018 κερδίζει 100.000

Ὁ ἀριθμὸς 35628 κερδίζει 50.000

49846	17117		
14605	24876	31999	36506
04600	5476	34589	35900
18042	26490	54910	74704
49858	46580	54300	59830
78048	76161	78835	
00914	2015	20015	5988
14201	16191	23443	37421
28603	25908	26503	55421
33365	35399	46954	57727
55497	55697	57460	56111
59960	61811	64182	64437
76669			
08812	1254	2174	2477
20396	8369	8714	11540
20477	20784	25011	28700
29475	31131	35396	37166
40062	41079	45256	50919
53055	57800	61000	62420
71163	79577	77991	
49381	4918	5793	6879
6483	7265	7822	9687
8717	9506	11244	11948
14679	14985	15998	16911
26654	23174	26241	28761
36164	36723	37372	38074
40283	40374	43041	43508
41432	43847	43996	45120
46274	46520	48627	49105
50201	52100	55267	55707
62346	62471	63641	65000
71514	72356	74443	75560
72931	73408	77940	

Οἱ 40 δραχμὰς κερδίζουν οἱ ἀριθμοὶ οἱ λήγοντες εἰς 1.
